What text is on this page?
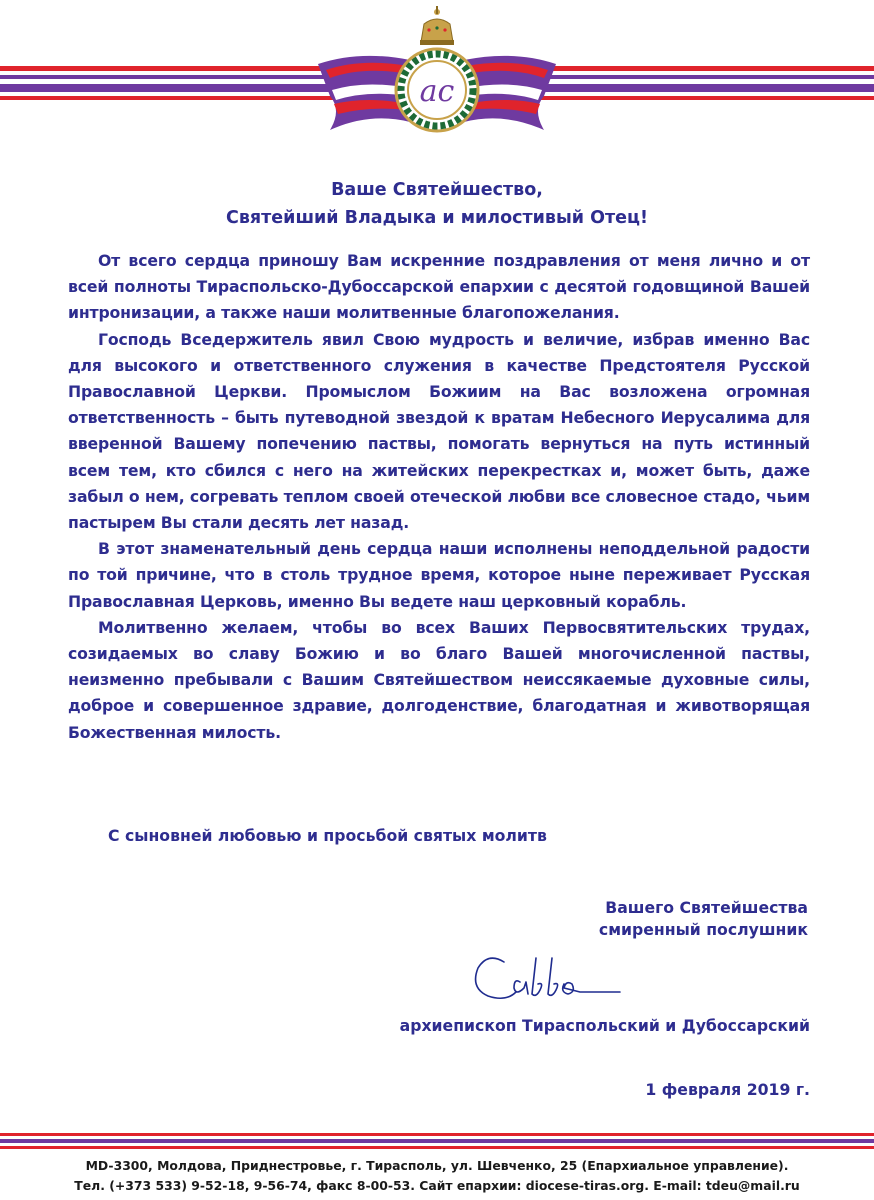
ас
Ваше Святейшество,
Святейший Владыка и милостивый Отец!

От всего сердца приношу Вам искренние поздравления от меня лично и от всей полноты Тираспольско-Дубоссарской епархии с десятой годовщиной Вашей интронизации, а также наши молитвенные благопожелания.

Господь Вседержитель явил Свою мудрость и величие, избрав именно Вас для высокого и ответственного служения в качестве Предстоятеля Русской Православной Церкви. Промыслом Божиим на Вас возложена огромная ответственность – быть путеводной звездой к вратам Небесного Иерусалима для вверенной Вашему попечению паствы, помогать вернуться на путь истинный всем тем, кто сбился с него на житейских перекрестках и, может быть, даже забыл о нем, согревать теплом своей отеческой любви все словесное стадо, чьим пастырем Вы стали десять лет назад.

В этот знаменательный день сердца наши исполнены неподдельной радости по той причине, что в столь трудное время, которое ныне переживает Русская Православная Церковь, именно Вы ведете наш церковный корабль.

Молитвенно желаем, чтобы во всех Ваших Первосвятительских трудах, созидаемых во славу Божию и во благо Вашей многочисленной паствы, неизменно пребывали с Вашим Святейшеством неиссякаемые духовные силы, доброе и совершенное здравие, долгоденствие, благодатная и животворящая Божественная милость.

С сыновней любовью и просьбой святых молитв
Вашего Святейшества
смиренный послушник
архиепископ Тираспольский и Дубоссарский
1 февраля 2019 г.
MD-3300, Молдова, Приднестровье, г. Тирасполь, ул. Шевченко, 25 (Епархиальное управление).
Тел. (+373 533) 9-52-18, 9-56-74, факс 8-00-53. Сайт епархии: diocese-tiras.org. E-mail: tdeu@mail.ru
